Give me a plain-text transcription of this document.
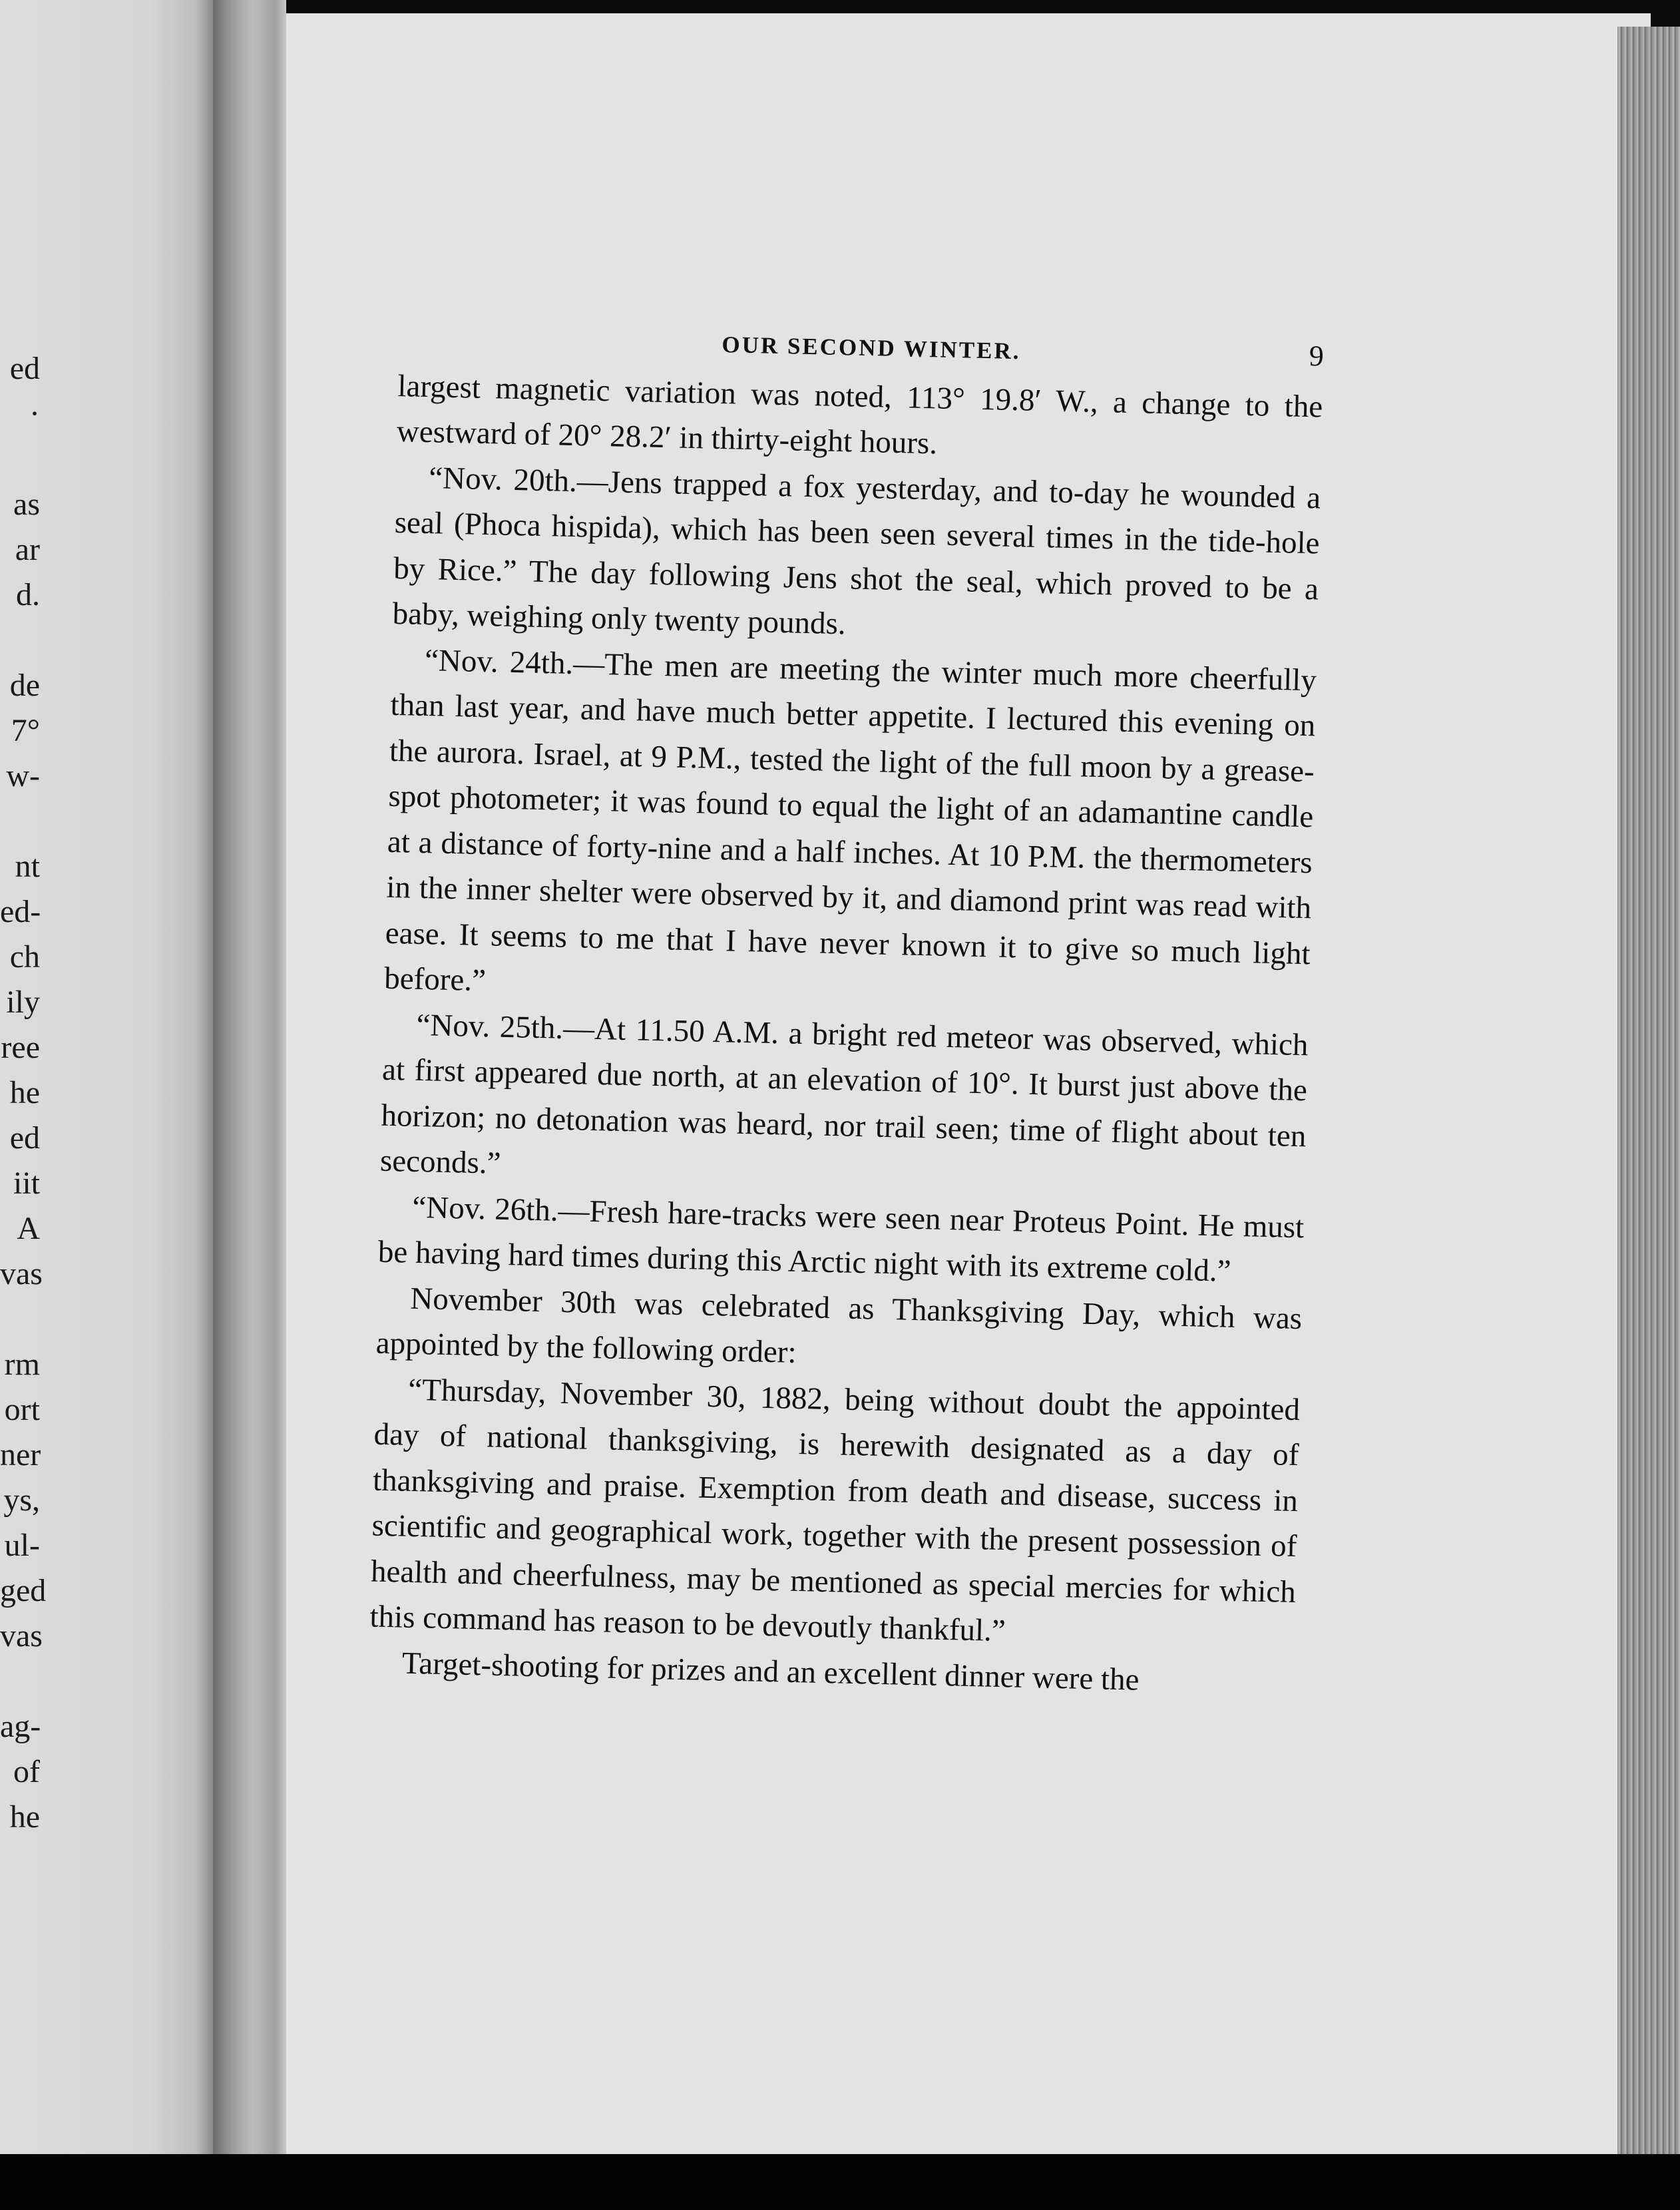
ed
·
as
ar
d.
de
7°
w-
nt
ed-
ch
ily
ree
he
ed
iit
A
vas
rm
ort
ner
ys,
ul-
ged
vas
ag-
of
he
OUR SECOND WINTER.	9

largest magnetic variation was noted, 113° 19.8′ W., a change to the westward of 20° 28.2′ in thirty-eight hours.

“Nov. 20th.—Jens trapped a fox yesterday, and to-day he wounded a seal (Phoca hispida), which has been seen several times in the tide-hole by Rice.” The day following Jens shot the seal, which proved to be a baby, weighing only twenty pounds.

“Nov. 24th.—The men are meeting the winter much more cheerfully than last year, and have much better appetite. I lectured this evening on the aurora. Israel, at 9 P.M., tested the light of the full moon by a grease-spot photometer; it was found to equal the light of an adamantine candle at a distance of forty-nine and a half inches. At 10 P.M. the thermometers in the inner shelter were observed by it, and diamond print was read with ease. It seems to me that I have never known it to give so much light before.”

“Nov. 25th.—At 11.50 A.M. a bright red meteor was observed, which at first appeared due north, at an elevation of 10°. It burst just above the horizon; no detonation was heard, nor trail seen; time of flight about ten seconds.”

“Nov. 26th.—Fresh hare-tracks were seen near Proteus Point. He must be having hard times during this Arctic night with its extreme cold.”

November 30th was celebrated as Thanksgiving Day, which was appointed by the following order:

“Thursday, November 30, 1882, being without doubt the appointed day of national thanksgiving, is herewith designated as a day of thanksgiving and praise. Exemption from death and disease, success in scientific and geographical work, together with the present possession of health and cheerfulness, may be mentioned as special mercies for which this command has reason to be devoutly thankful.”

Target-shooting for prizes and an excellent dinner were the
